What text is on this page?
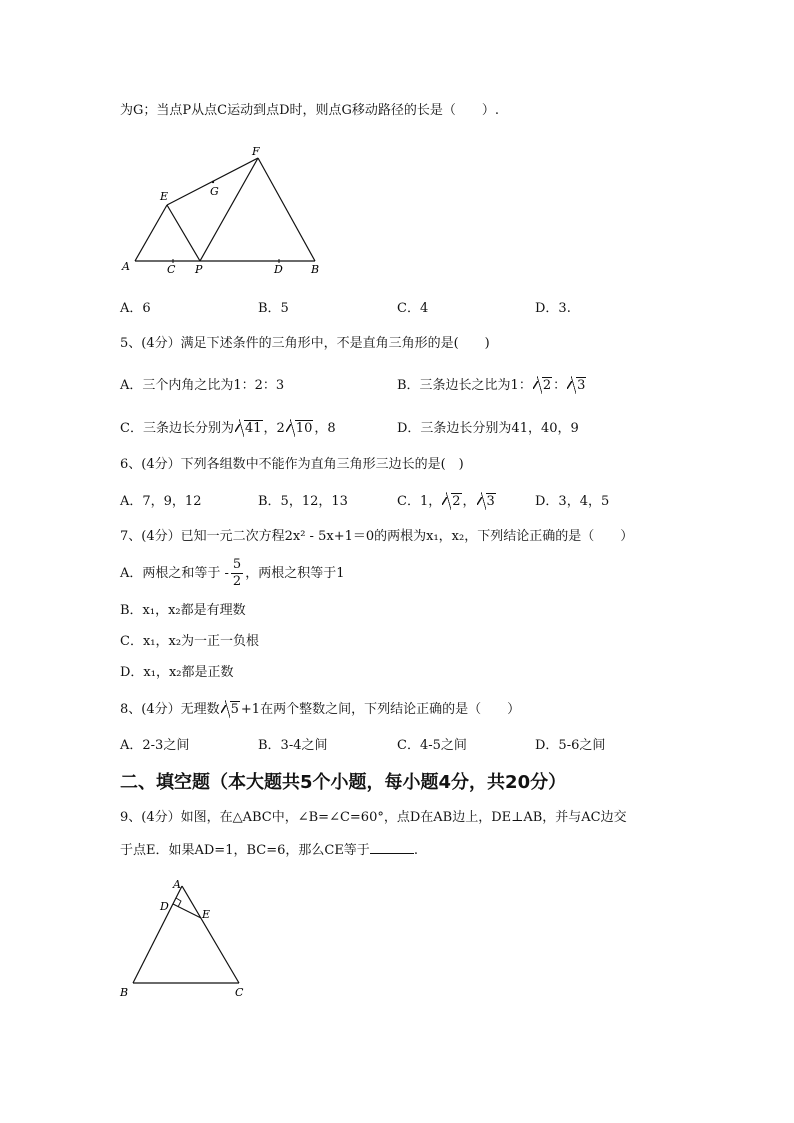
为G；当点P从点C运动到点D时，则点G移动路径的长是（　　）.
A	C P	D	B
E
F
G
A．6	B．5	C．4	D．3.
5、(4分）满足下述条件的三角形中，不是直角三角形的是(　　)
A．三个内角之比为1：2：3	B．三条边长之比为1： 2 ： 3
C．三条边长分别为 41 ，2 10 ，8	D．三条边长分别为41，40，9
6、(4分）下列各组数中不能作为直角三角形三边长的是(　)
A．7，9，12	B．5，12，13	C．1， 2 ， 3	D．3，4，5
7、(4分）已知一元二次方程2x² - 5x+1＝0的两根为x₁，x₂，下列结论正确的是（　　）
A．两根之和等于 - $\frac{5}{2}$ ，两根之积等于1
B．x₁，x₂都是有理数
C．x₁，x₂为一正一负根
D．x₁，x₂都是正数
8、(4分）无理数 5 +1在两个整数之间，下列结论正确的是（　　）
A．2-3之间	B．3-4之间	C．4-5之间	D．5-6之间
二、填空题（本大题共5个小题，每小题4分，共20分）
9、(4分）如图，在△ABC中，∠B=∠C=60°，点D在AB边上，DE⊥AB，并与AC边交
于点E．如果AD=1，BC=6，那么CE等于	.
A
D
E
B	C
